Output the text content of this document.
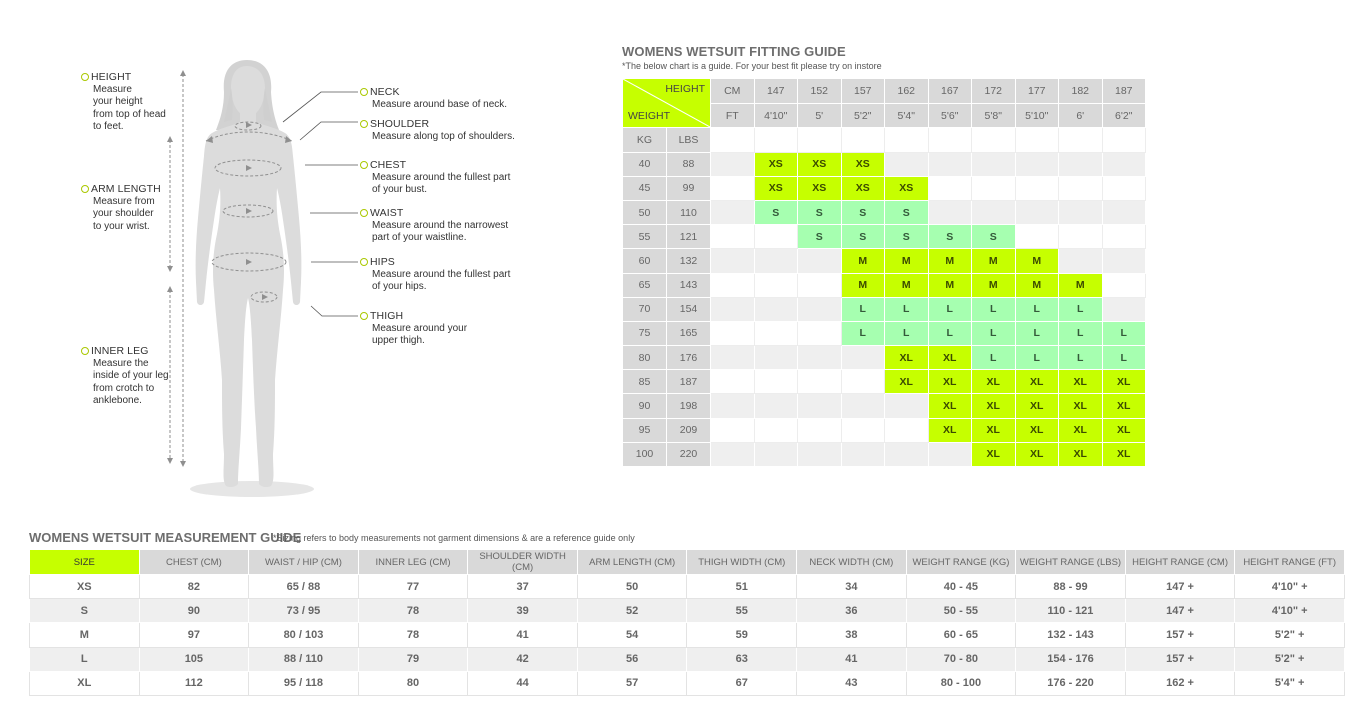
HEIGHT
Measure
your height
from top of head
to feet.
ARM LENGTH
Measure from
your shoulder
to your wrist.
INNER LEG
Measure the
inside of your leg
from crotch to
anklebone.
NECK
Measure around base of neck.
SHOULDER
Measure along top of shoulders.
CHEST
Measure around the fullest part
of your bust.
WAIST
Measure around the narrowest
part of your waistline.
HIPS
Measure around the fullest part
of your hips.
THIGH
Measure around your
upper thigh.
WOMENS WETSUIT FITTING GUIDE
*The below chart is a guide. For your best fit please try on instore
HEIGHT
WEIGHT		CM	147	152	157	162	167	172	177	182	187
		FT	4'10"	5'	5'2"	5'4"	5'6"	5'8"	5'10"	6'	6'2"
KG	LBS										
40	88		XS	XS	XS						
45	99		XS	XS	XS	XS					
50	110		S	S	S	S					
55	121			S	S	S	S	S			
60	132				M	M	M	M	M		
65	143				M	M	M	M	M	M	
70	154				L	L	L	L	L	L	
75	165				L	L	L	L	L	L	L
80	176					XL	XL	L	L	L	L
85	187					XL	XL	XL	XL	XL	XL
90	198						XL	XL	XL	XL	XL
95	209						XL	XL	XL	XL	XL
100	220							XL	XL	XL	XL
WOMENS WETSUIT MEASUREMENT GUIDE
*Sizing refers to body measurements not garment dimensions & are a reference guide only
SIZE	CHEST (CM)	WAIST / HIP (CM)	INNER LEG (CM)	SHOULDER WIDTH (CM)	ARM LENGTH (CM)	THIGH WIDTH (CM)	NECK WIDTH (CM)	WEIGHT RANGE (KG)	WEIGHT RANGE (LBS)	HEIGHT RANGE (CM)	HEIGHT RANGE (FT)
XS	82	65 / 88	77	37	50	51	34	40 - 45	88 - 99	147 +	4'10" +
S	90	73 / 95	78	39	52	55	36	50 - 55	110 - 121	147 +	4'10" +
M	97	80 / 103	78	41	54	59	38	60 - 65	132 - 143	157 +	5'2" +
L	105	88 / 110	79	42	56	63	41	70 - 80	154 - 176	157 +	5'2" +
XL	112	95 / 118	80	44	57	67	43	80 - 100	176 - 220	162 +	5'4" +
